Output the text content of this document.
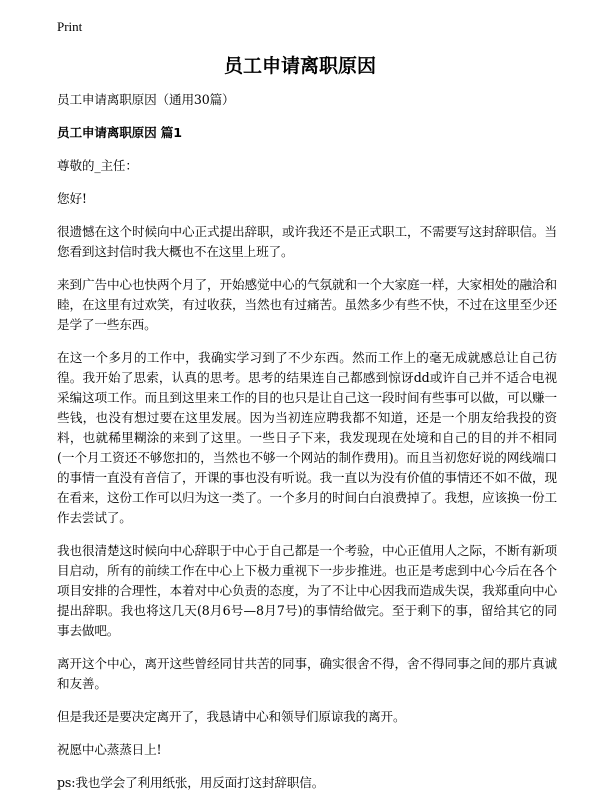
Print
员工申请离职原因

员工申请离职原因（通用30篇）

员工申请离职原因 篇1

尊敬的_主任：

您好!

很遗憾在这个时候向中心正式提出辞职，或许我还不是正式职工，不需要写这封辞职信。当您看到这封信时我大概也不在这里上班了。

来到广告中心也快两个月了，开始感觉中心的气氛就和一个大家庭一样，大家相处的融洽和睦，在这里有过欢笑，有过收获，当然也有过痛苦。虽然多少有些不快，不过在这里至少还是学了一些东西。

在这一个多月的工作中，我确实学习到了不少东西。然而工作上的毫无成就感总让自己彷徨。我开始了思索，认真的思考。思考的结果连自己都感到惊讶dd或许自己并不适合电视采编这项工作。而且到这里来工作的目的也只是让自己这一段时间有些事可以做，可以赚一些钱，也没有想过要在这里发展。因为当初连应聘我都不知道，还是一个朋友给我投的资料，也就稀里糊涂的来到了这里。一些日子下来，我发现现在处境和自己的目的并不相同(一个月工资还不够您扣的，当然也不够一个网站的制作费用)。而且当初您好说的网线端口的事情一直没有音信了，开课的事也没有听说。我一直以为没有价值的事情还不如不做，现在看来，这份工作可以归为这一类了。一个多月的时间白白浪费掉了。我想，应该换一份工作去尝试了。

我也很清楚这时候向中心辞职于中心于自己都是一个考验，中心正值用人之际，不断有新项目启动，所有的前续工作在中心上下极力重视下一步步推进。也正是考虑到中心今后在各个项目安排的合理性，本着对中心负责的态度，为了不让中心因我而造成失误，我郑重向中心提出辞职。我也将这几天(8月6号—8月7号)的事情给做完。至于剩下的事，留给其它的同事去做吧。

离开这个中心，离开这些曾经同甘共苦的同事，确实很舍不得，舍不得同事之间的那片真诚和友善。

但是我还是要决定离开了，我恳请中心和领导们原谅我的离开。

祝愿中心蒸蒸日上!

ps:我也学会了利用纸张，用反面打这封辞职信。
